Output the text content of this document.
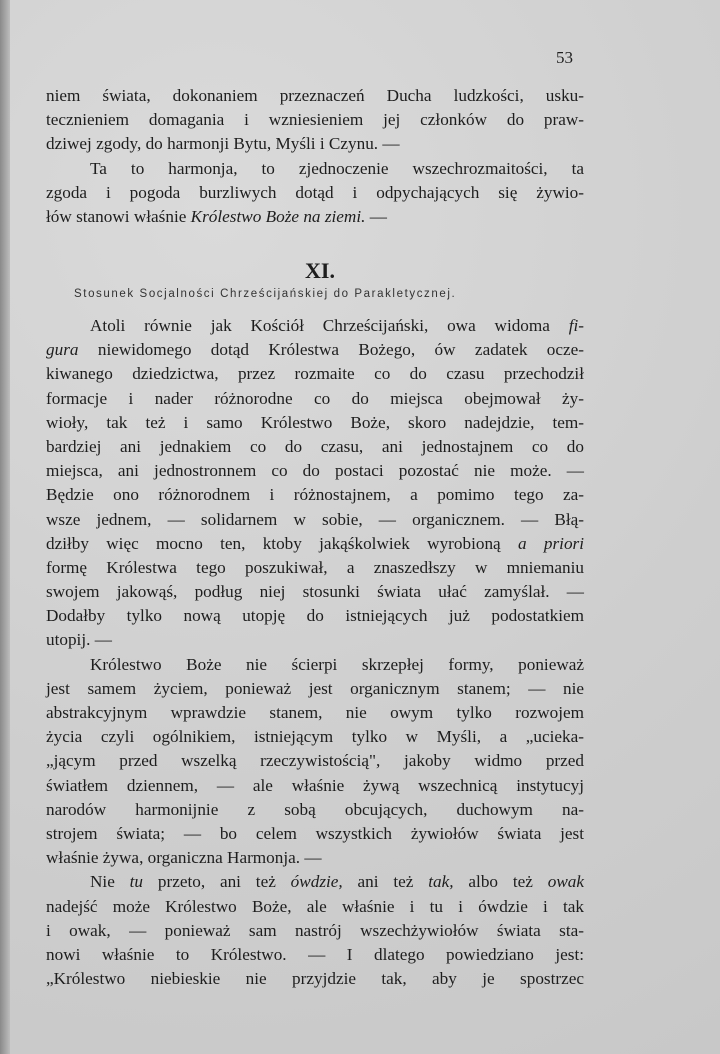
53
niem świata, dokonaniem przeznaczeń Ducha ludzkości, usku-
tecznieniem domagania i wzniesieniem jej członków do praw-
dziwej zgody, do harmonji Bytu, Myśli i Czynu. —
Ta to harmonja, to zjednoczenie wszechrozmaitości, ta
zgoda i pogoda burzliwych dotąd i odpychających się żywio-
łów stanowi właśnie Królestwo Boże na ziemi. —
XI.
Stosunek Socjalności Chrześcijańskiej do Parakletycznej.
Atoli równie jak Kościół Chrześcijański, owa widoma fi-
gura niewidomego dotąd Królestwa Bożego, ów zadatek oczе-
kiwanego dziedzictwa, przez rozmaite co do czasu przechodził
formacje i nader różnorodne co do miejsca obejmował ży-
wioły, tak też i samo Królestwo Boże, skoro nadejdzie, tem-
bardziej ani jednakiem co do czasu, ani jednostajnem co do
miejsca, ani jednostronnem co do postaci pozostać nie może. —
Będzie ono różnorodnem i różnostajnem, a pomimo tego za-
wsze jednem, — solidarnem w sobie, — organicznem. — Błą-
dziłby więc mocno ten, ktoby jakąśkolwiek wyrobioną a priori
formę Królestwa tego poszukiwał, a znaszedłszy w mniemaniu
swojem jakowąś, podług niej stosunki świata ułać zamyślał. —
Dodałby tylko nową utopję do istniejących już podostatkiem
utopij. —
Królestwo Boże nie ścierpi skrzepłej formy, ponieważ
jest samem życiem, ponieważ jest organicznym stanem; — nie
abstrakcyjnym wprawdzie stanem, nie owym tylko rozwojem
życia czyli ogólnikiem, istniejącym tylko w Myśli, a „ucieka-
„jącym przed wszelką rzeczywistością", jakoby widmo przed
światłem dziennem, — ale właśnie żywą wszechnicą instytucyj
narodów harmonijnie z sobą obcujących, duchowym na-
strojem świata; — bo celem wszystkich żywiołów świata jest
właśnie żywa, organiczna Harmonja. —
Nie tu przeto, ani też ówdzie, ani też tak, albo też owak
nadejść może Królestwo Boże, ale właśnie i tu i ówdzie i tak
i owak, — ponieważ sam nastrój wszechżywiołów świata sta-
nowi właśnie to Królestwo. — I dlatego powiedziano jest:
„Królestwo niebieskie nie przyjdzie tak, aby je spostrzec
